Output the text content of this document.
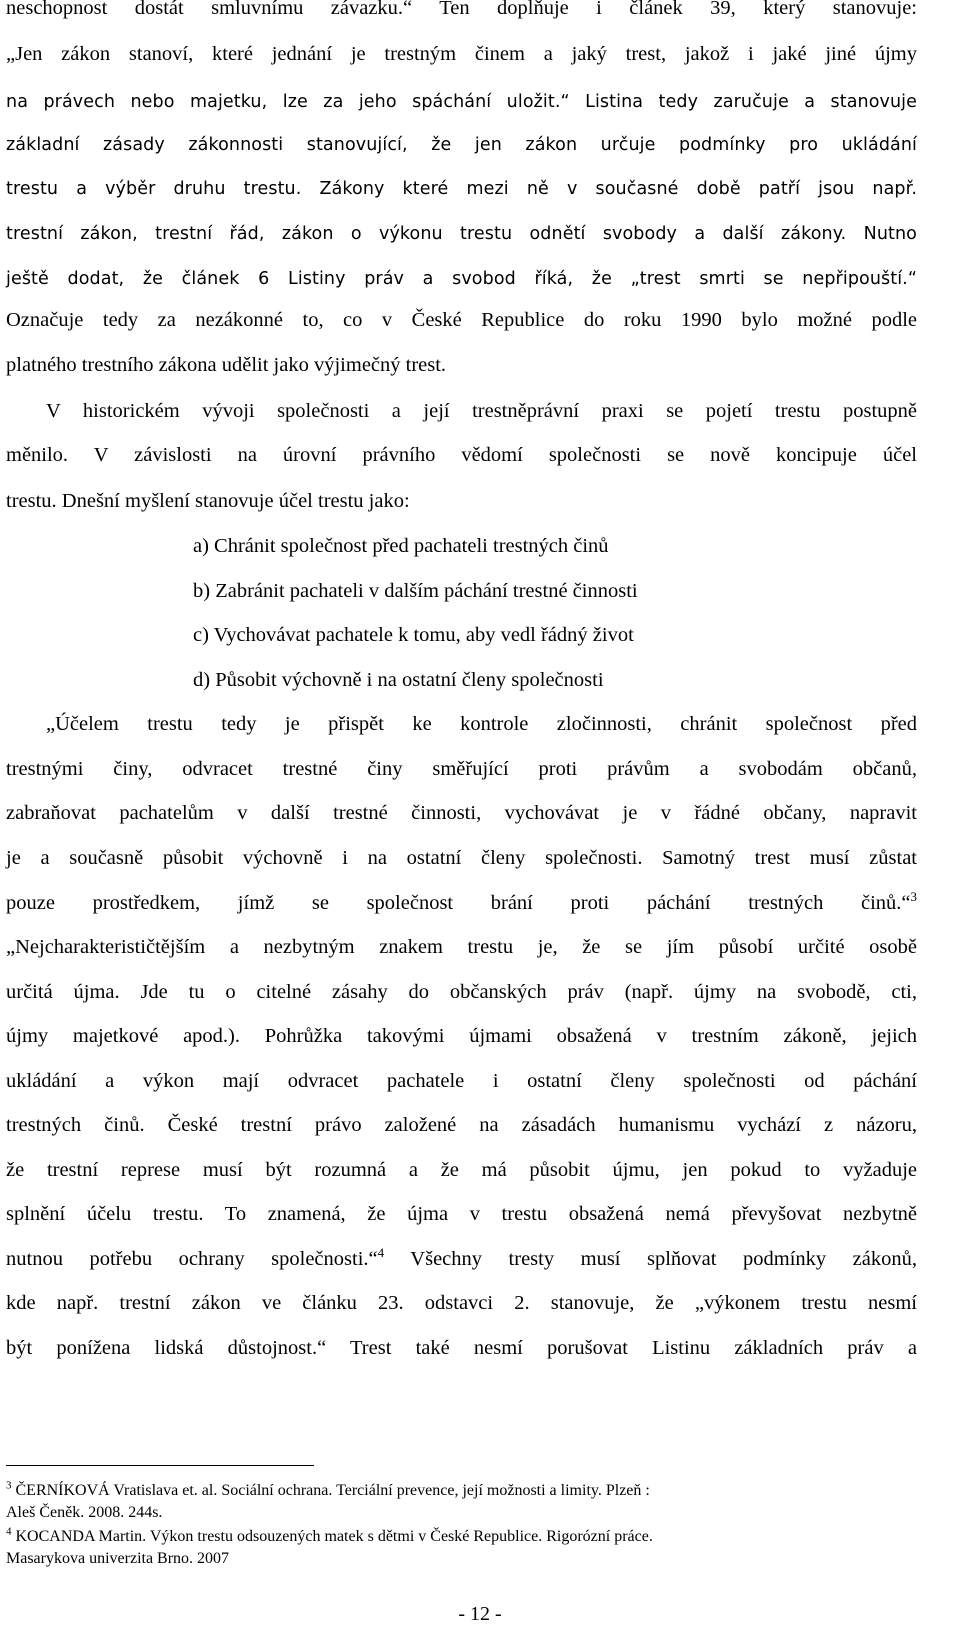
neschopnost dostát smluvnímu závazku.“ Ten doplňuje i článek 39, který stanovuje:
„Jen zákon stanoví, které jednání je trestným činem a jaký trest, jakož i jaké jiné újmy
na právech nebo majetku, lze za jeho spáchání uložit.“ Listina tedy zaručuje a stanovuje
základní zásady zákonnosti stanovující, že jen zákon určuje podmínky pro ukládání
trestu a výběr druhu trestu. Zákony které mezi ně v současné době patří jsou např.
trestní zákon, trestní řád, zákon o výkonu trestu odnětí svobody a další zákony. Nutno
ještě dodat, že článek 6 Listiny práv a svobod říká, že „trest smrti se nepřipouští.“
Označuje tedy za nezákonné to, co v České Republice do roku 1990 bylo možné podle
platného trestního zákona udělit jako výjimečný trest.
V historickém vývoji společnosti a její trestněprávní praxi se pojetí trestu postupně
měnilo. V závislosti na úrovní právního vědomí společnosti se nově koncipuje účel
trestu. Dnešní myšlení stanovuje účel trestu jako:
a) Chránit společnost před pachateli trestných činů
b) Zabránit pachateli v dalším páchání trestné činnosti
c) Vychovávat pachatele k tomu, aby vedl řádný život
d) Působit výchovně i na ostatní členy společnosti
„Účelem trestu tedy je přispět ke kontrole zločinnosti, chránit společnost před
trestnými činy, odvracet trestné činy směřující proti právům a svobodám občanů,
zabraňovat pachatelům v další trestné činnosti, vychovávat je v řádné občany, napravit
je a současně působit výchovně i na ostatní členy společnosti. Samotný trest musí zůstat
pouze prostředkem, jímž se společnost brání proti páchání trestných činů.“$^3$
„Nejcharakterističtějším a nezbytným znakem trestu je, že se jím působí určité osobě
určitá újma. Jde tu o citelné zásahy do občanských práv (např. újmy na svobodě, cti,
újmy majetkové apod.). Pohrůžka takovými újmami obsažená v trestním zákoně, jejich
ukládání a výkon mají odvracet pachatele i ostatní členy společnosti od páchání
trestných činů. České trestní právo založené na zásadách humanismu vychází z názoru,
že trestní represe musí být rozumná a že má působit újmu, jen pokud to vyžaduje
splnění účelu trestu. To znamená, že újma v trestu obsažená nemá převyšovat nezbytně
nutnou potřebu ochrany společnosti.“$^4$ Všechny tresty musí splňovat podmínky zákonů,
kde např. trestní zákon ve článku 23. odstavci 2. stanovuje, že „výkonem trestu nesmí
být ponížena lidská důstojnost.“ Trest také nesmí porušovat Listinu základních práv a
$^3$ ČERNÍKOVÁ Vratislava et. al. Sociální ochrana. Terciální prevence, její možnosti a limity. Plzeň :
Aleš Čeněk. 2008. 244s.
$^4$ KOCANDA Martin. Výkon trestu odsouzených matek s dětmi v České Republice. Rigorózní práce.
Masarykova univerzita Brno. 2007
- 12 -
